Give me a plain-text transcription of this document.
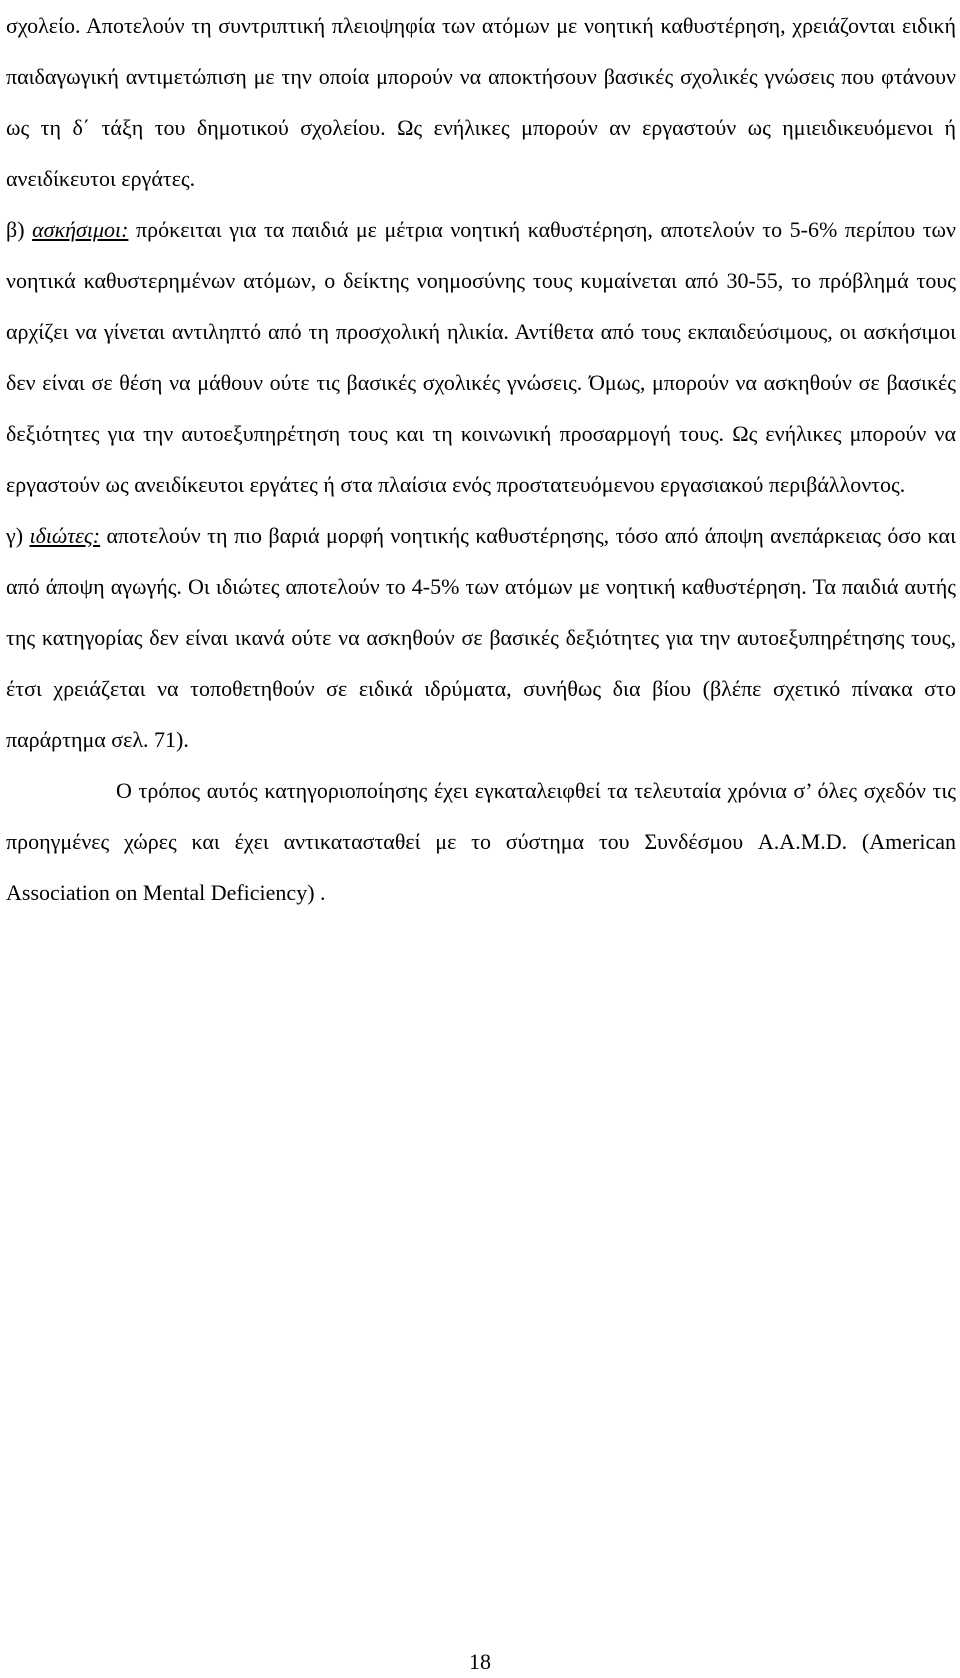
σχολείο. Αποτελούν τη συντριπτική πλειοψηφία των ατόμων με νοητική καθυστέρηση, χρειάζονται ειδική παιδαγωγική αντιμετώπιση με την οποία μπορούν να αποκτήσουν βασικές σχολικές γνώσεις που φτάνουν ως τη δ΄ τάξη του δημοτικού σχολείου. Ως ενήλικες μπορούν αν εργαστούν ως ημιειδικευόμενοι ή ανειδίκευτοι εργάτες.

β) ασκήσιμοι: πρόκειται για τα παιδιά με μέτρια νοητική καθυστέρηση, αποτελούν το 5-6% περίπου των νοητικά καθυστερημένων ατόμων, ο δείκτης νοημοσύνης τους κυμαίνεται από 30-55, το πρόβλημά τους αρχίζει να γίνεται αντιληπτό από τη προσχολική ηλικία. Αντίθετα από τους εκπαιδεύσιμους, οι ασκήσιμοι δεν είναι σε θέση να μάθουν ούτε τις βασικές σχολικές γνώσεις. Όμως, μπορούν να ασκηθούν σε βασικές δεξιότητες για την αυτοεξυπηρέτηση τους και τη κοινωνική προσαρμογή τους. Ως ενήλικες μπορούν να εργαστούν ως ανειδίκευτοι εργάτες ή στα πλαίσια ενός προστατευόμενου εργασιακού περιβάλλοντος.

γ) ιδιώτες: αποτελούν τη πιο βαριά μορφή νοητικής καθυστέρησης, τόσο από άποψη ανεπάρκειας όσο και από άποψη αγωγής. Οι ιδιώτες αποτελούν το 4-5% των ατόμων με νοητική καθυστέρηση. Τα παιδιά αυτής της κατηγορίας δεν είναι ικανά ούτε να ασκηθούν σε βασικές δεξιότητες για την αυτοεξυπηρέτησης τους, έτσι χρειάζεται να τοποθετηθούν σε ειδικά ιδρύματα, συνήθως δια βίου (βλέπε σχετικό πίνακα στο παράρτημα σελ. 71).

Ο τρόπος αυτός κατηγοριοποίησης έχει εγκαταλειφθεί τα τελευταία χρόνια σ’ όλες σχεδόν τις προηγμένες χώρες και έχει αντικατασταθεί με το σύστημα του Συνδέσμου A.A.M.D. (American Association on Mental Deficiency) .

18
